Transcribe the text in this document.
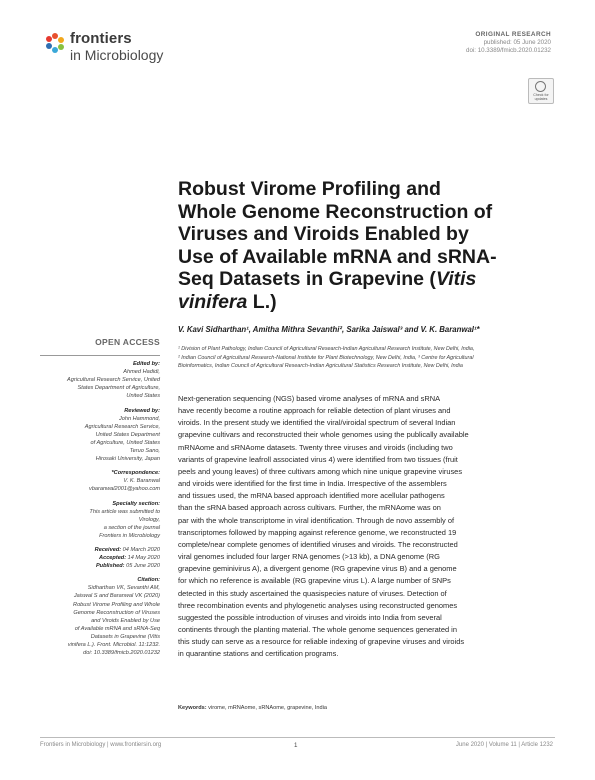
frontiers
in Microbiology
ORIGINAL RESEARCH
published: 05 June 2020
doi: 10.3389/fmicb.2020.01232
Check for updates
Robust Virome Profiling and Whole Genome Reconstruction of Viruses and Viroids Enabled by Use of Available mRNA and sRNA-Seq Datasets in Grapevine (Vitis vinifera L.)
V. Kavi Sidharthan¹, Amitha Mithra Sevanthi², Sarika Jaiswal³ and V. K. Baranwal¹*
¹ Division of Plant Pathology, Indian Council of Agricultural Research-Indian Agricultural Research Institute, New Delhi, India,
² Indian Council of Agricultural Research-National Institute for Plant Biotechnology, New Delhi, India, ³ Centre for Agricultural
Bioinformatics, Indian Council of Agricultural Research-Indian Agricultural Statistics Research Institute, New Delhi, India
OPEN ACCESS
Edited by:
Ahmed Hadidi,
Agricultural Research Service, United
States Department of Agriculture,
United States
Reviewed by:
John Hammond,
Agricultural Research Service,
United States Department
of Agriculture, United States
Teruo Sano,
Hirosaki University, Japan
*Correspondence:
V. K. Baranwal
vbaranwal2001@yahoo.com
Specialty section:
This article was submitted to
Virology,
a section of the journal
Frontiers in Microbiology
Received: 04 March 2020
Accepted: 14 May 2020
Published: 05 June 2020
Citation:
Sidharthan VK, Sevanthi AM,
Jaiswal S and Baranwal VK (2020)
Robust Virome Profiling and Whole
Genome Reconstruction of Viruses
and Viroids Enabled by Use
of Available mRNA and sRNA-Seq
Datasets in Grapevine (Vitis
vinifera L.). Front. Microbiol. 11:1232.
doi: 10.3389/fmicb.2020.01232
Next-generation sequencing (NGS) based virome analyses of mRNA and sRNA
have recently become a routine approach for reliable detection of plant viruses and
viroids. In the present study we identified the viral/viroidal spectrum of several Indian
grapevine cultivars and reconstructed their whole genomes using the publically available
mRNAome and sRNAome datasets. Twenty three viruses and viroids (including two
variants of grapevine leafroll associated virus 4) were identified from two tissues (fruit
peels and young leaves) of three cultivars among which nine unique grapevine viruses
and viroids were identified for the first time in India. Irrespective of the assemblers
and tissues used, the mRNA based approach identified more acellular pathogens
than the sRNA based approach across cultivars. Further, the mRNAome was on
par with the whole transcriptome in viral identification. Through de novo assembly of
transcriptomes followed by mapping against reference genome, we reconstructed 19
complete/near complete genomes of identified viruses and viroids. The reconstructed
viral genomes included four larger RNA genomes (>13 kb), a DNA genome (RG
grapevine geminivirus A), a divergent genome (RG grapevine virus B) and a genome
for which no reference is available (RG grapevine virus L). A large number of SNPs
detected in this study ascertained the quasispecies nature of viruses. Detection of
three recombination events and phylogenetic analyses using reconstructed genomes
suggested the possible introduction of viruses and viroids into India from several
continents through the planting material. The whole genome sequences generated in
this study can serve as a resource for reliable indexing of grapevine viruses and viroids
in quarantine stations and certification programs.
Keywords: virome, mRNAome, sRNAome, grapevine, India
Frontiers in Microbiology | www.frontiersin.org	1	June 2020 | Volume 11 | Article 1232
